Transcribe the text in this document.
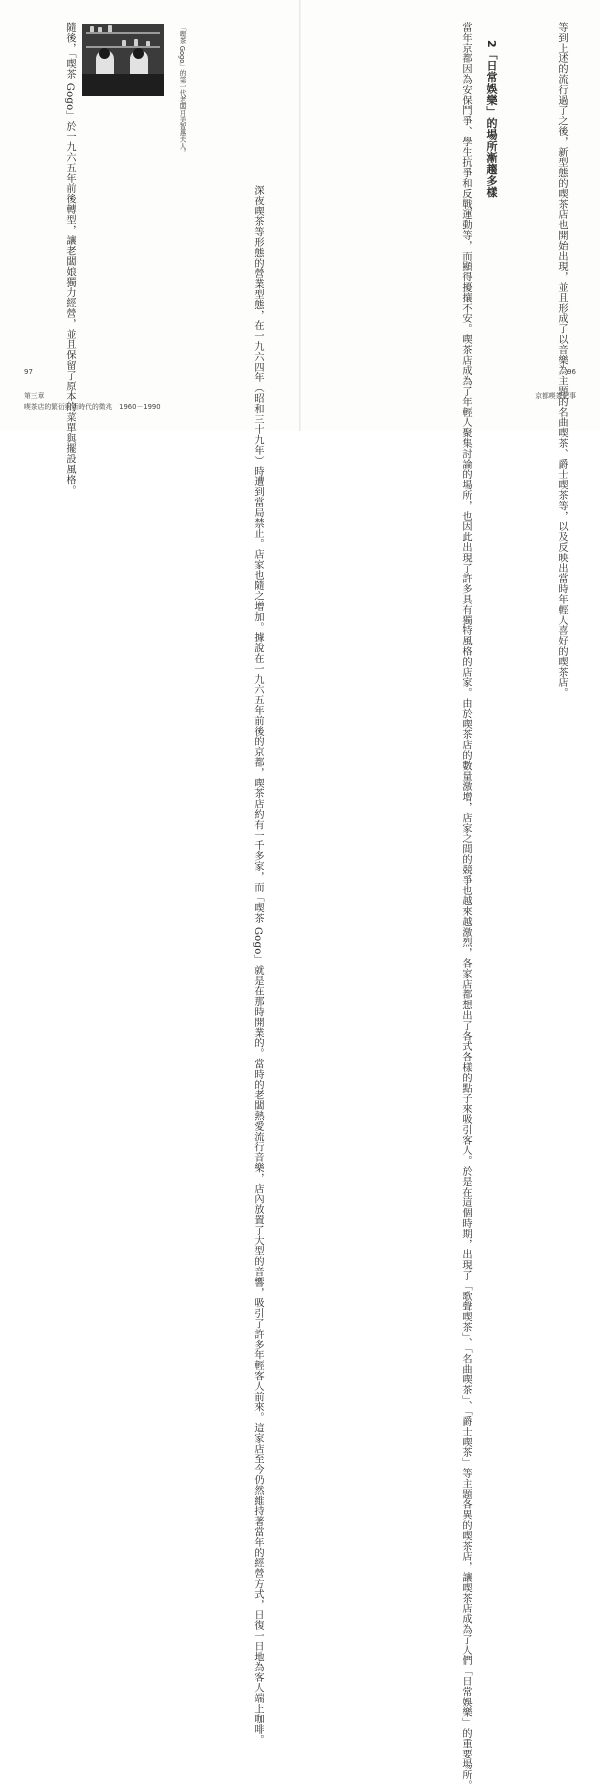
隨後，「喫茶 Gogo」於一九六五年前後轉型，讓老闆娘獨力經營，並且保留了原本的菜單與擺設風格。	「喫茶 Gogo」的第一代老闆月美智惠夫人。
深夜喫茶等形態的營業型態，在一九六四年（昭和三十九年）時遭到當局禁止。店家也隨之增加。據說在一九六五年前後的京都，喫茶店約有一千多家，而「喫茶 Gogo」就是在那時開業的。當時的老闆熱愛流行音樂，店內放置了大型的音響，吸引了許多年輕客人前來。這家店至今仍然維持著當年的經營方式，日復一日地為客人端上咖啡。
97
第三章
喫茶店的繁衍與新時代的徵兆　1960－1990	等到上述的流行過了之後，新型態的喫茶店也開始出現，並且形成了以音樂為主題的名曲喫茶、爵士喫茶等，以及反映出當時年輕人喜好的喫茶店。
2「日常娛樂」的場所漸趨多樣
當年京都因為安保鬥爭、學生抗爭和反戰運動等，而顯得擾攘不安。喫茶店成為了年輕人聚集討論的場所，也因此出現了許多具有獨特風格的店家。由於喫茶店的數量激增，店家之間的競爭也越來越激烈，各家店都想出了各式各樣的點子來吸引客人。於是在這個時期，出現了「歌聲喫茶」、「名曲喫茶」、「爵士喫茶」等主題各異的喫茶店，讓喫茶店成為了人們「日常娛樂」的重要場所。	96
京都喫茶記事
